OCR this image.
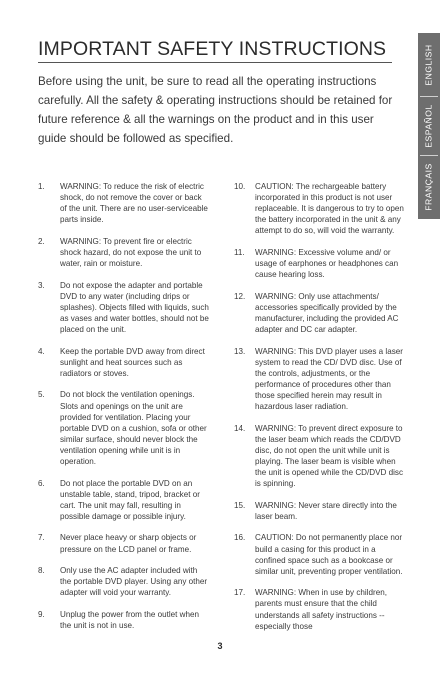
IMPORTANT SAFETY INSTRUCTIONS
Before using the unit, be sure to read all the operating instructions carefully. All the safety & operating instructions should be retained for future reference & all the warnings on the product and in this user guide should be followed as specified.
1.	WARNING: To reduce the risk of electric shock, do not remove the cover or back of the unit. There are no user-serviceable parts inside.
2.	WARNING: To prevent fire or electric shock hazard, do not expose the unit to water, rain or moisture.
3.	Do not expose the adapter and portable DVD to any water (including drips or splashes). Objects filled with liquids, such as vases and water bottles, should not be placed on the unit.
4.	Keep the portable DVD away from direct sunlight and heat sources such as radiators or stoves.
5.	Do not block the ventilation openings. Slots and openings on the unit are provided for ventilation. Placing your portable DVD on a cushion, sofa or other similar surface, should never block the ventilation opening while unit is in operation.
6.	Do not place the portable DVD on an unstable table, stand, tripod, bracket or cart. The unit may fall, resulting in possible damage or possible injury.
7.	Never place heavy or sharp objects or pressure on the LCD panel or frame.
8.	Only use the AC adapter included with the portable DVD player. Using any other adapter will void your warranty.
9.	Unplug the power from the outlet when the unit is not in use.
10.	CAUTION: The rechargeable battery incorporated in this product is not user replaceable. It is dangerous to try to open the battery incorporated in the unit & any attempt to do so, will void the warranty.
11.	WARNING: Excessive volume and/ or usage of earphones or headphones can cause hearing loss.
12.	WARNING: Only use attachments/ accessories specifically provided by the manufacturer, including the provided AC adapter and DC car adapter.
13.	WARNING: This DVD player uses a laser system to read the CD/ DVD disc. Use of the controls, adjustments, or the performance of procedures other than those specified herein may result in hazardous laser radiation.
14.	WARNING: To prevent direct exposure to the laser beam which reads the CD/DVD disc, do not open the unit while unit is playing. The laser beam is visible when the unit is opened while the CD/DVD disc is spinning.
15.	WARNING: Never stare directly into the laser beam.
16.	CAUTION: Do not permanently place nor build a casing for this product in a confined space such as a bookcase or similar unit, preventing proper ventilation.
17.	WARNING: When in use by children, parents must ensure that the child understands all safety instructions -- especially those
ENGLISH
ESPAÑOL
FRANÇAIS
3
